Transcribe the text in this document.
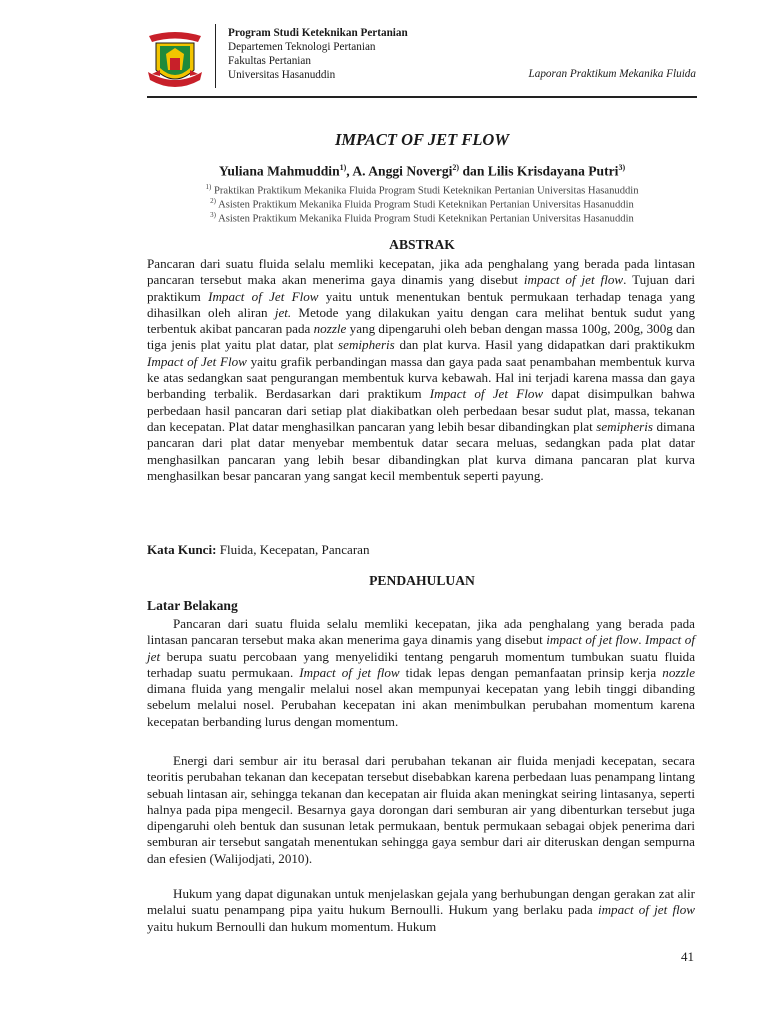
Program Studi Keteknikan Pertanian
Departemen Teknologi Pertanian
Fakultas Pertanian
Universitas Hasanuddin	Laporan Praktikum Mekanika Fluida
IMPACT OF JET FLOW
Yuliana Mahmuddin$^{1)}$, A. Anggi Novergi$^{2)}$ dan Lilis Krisdayana Putri$^{3)}$
$^{1)}$ Praktikan Praktikum Mekanika Fluida Program Studi Keteknikan Pertanian Universitas Hasanuddin
$^{2)}$ Asisten Praktikum Mekanika Fluida Program Studi Keteknikan Pertanian Universitas Hasanuddin
$^{3)}$ Asisten Praktikum Mekanika Fluida Program Studi Keteknikan Pertanian Universitas Hasanuddin
ABSTRAK
Pancaran dari suatu fluida selalu memliki kecepatan, jika ada penghalang yang berada pada lintasan pancaran tersebut maka akan menerima gaya dinamis yang disebut impact of jet flow. Tujuan dari praktikum Impact of Jet Flow yaitu untuk menentukan bentuk permukaan terhadap tenaga yang dihasilkan oleh aliran jet. Metode yang dilakukan yaitu dengan cara melihat bentuk sudut yang terbentuk akibat pancaran pada nozzle yang dipengaruhi oleh beban dengan massa 100g, 200g, 300g dan tiga jenis plat yaitu plat datar, plat semipheris dan plat kurva. Hasil yang didapatkan dari praktikukm Impact of Jet Flow yaitu grafik perbandingan massa dan gaya pada saat penambahan membentuk kurva ke atas sedangkan saat pengurangan membentuk kurva kebawah. Hal ini terjadi karena massa dan gaya berbanding terbalik. Berdasarkan dari praktikum Impact of Jet Flow dapat disimpulkan bahwa perbedaan hasil pancaran dari setiap plat diakibatkan oleh perbedaan besar sudut plat, massa, tekanan dan kecepatan. Plat datar menghasilkan pancaran yang lebih besar dibandingkan plat semipheris dimana pancaran dari plat datar menyebar membentuk datar secara meluas, sedangkan pada plat datar menghasilkan pancaran yang lebih besar dibandingkan plat kurva dimana pancaran plat kurva menghasilkan besar pancaran yang sangat kecil membentuk seperti payung.
Kata Kunci: Fluida, Kecepatan, Pancaran
PENDAHULUAN
Latar Belakang
Pancaran dari suatu fluida selalu memliki kecepatan, jika ada penghalang yang berada pada lintasan pancaran tersebut maka akan menerima gaya dinamis yang disebut impact of jet flow. Impact of jet berupa suatu percobaan yang menyelidiki tentang pengaruh momentum tumbukan suatu fluida terhadap suatu permukaan. Impact of jet flow tidak lepas dengan pemanfaatan prinsip kerja nozzle dimana fluida yang mengalir melalui nosel akan mempunyai kecepatan yang lebih tinggi dibanding sebelum melalui nosel. Perubahan kecepatan ini akan menimbulkan perubahan momentum karena kecepatan berbanding lurus dengan momentum.
Energi dari sembur air itu berasal dari perubahan tekanan air fluida menjadi kecepatan, secara teoritis perubahan tekanan dan kecepatan tersebut disebabkan karena perbedaan luas penampang lintang sebuah lintasan air, sehingga tekanan dan kecepatan air fluida akan meningkat seiring lintasanya, seperti halnya pada pipa mengecil. Besarnya gaya dorongan dari semburan air yang dibenturkan tersebut juga dipengaruhi oleh bentuk dan susunan letak permukaan, bentuk permukaan sebagai objek penerima dari semburan air tersebut sangatah menentukan sehingga gaya sembur dari air diteruskan dengan sempurna dan efesien (Walijodjati, 2010).
Hukum yang dapat digunakan untuk menjelaskan gejala yang berhubungan dengan gerakan zat alir melalui suatu penampang pipa yaitu hukum Bernoulli. Hukum yang berlaku pada impact of jet flow yaitu hukum Bernoulli dan hukum momentum. Hukum
41
